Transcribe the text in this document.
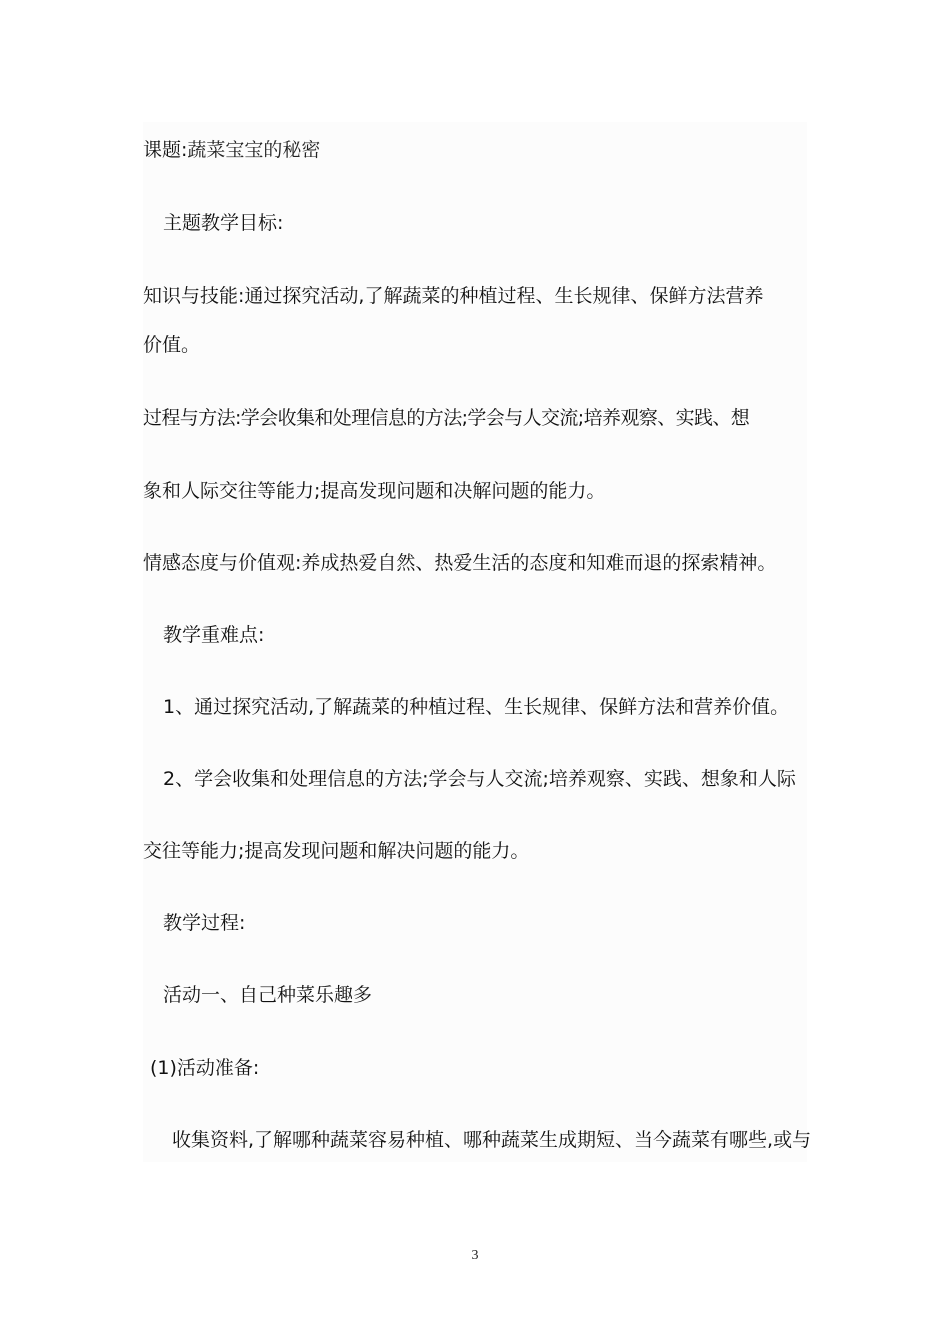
课题:蔬菜宝宝的秘密
主题教学目标:
知识与技能:通过探究活动,了解蔬菜的种植过程、生长规律、保鲜方法营养
价值。
过程与方法:学会收集和处理信息的方法;学会与人交流;培养观察、实践、想
象和人际交往等能力;提高发现问题和决解问题的能力。
情感态度与价值观:养成热爱自然、热爱生活的态度和知难而退的探索精神。
教学重难点:
1、通过探究活动,了解蔬菜的种植过程、生长规律、保鲜方法和营养价值。
2、学会收集和处理信息的方法;学会与人交流;培养观察、实践、想象和人际
交往等能力;提高发现问题和解决问题的能力。
教学过程:
活动一、自己种菜乐趣多
(1)活动准备:
收集资料,了解哪种蔬菜容易种植、哪种蔬菜生成期短、当今蔬菜有哪些,或与
3
